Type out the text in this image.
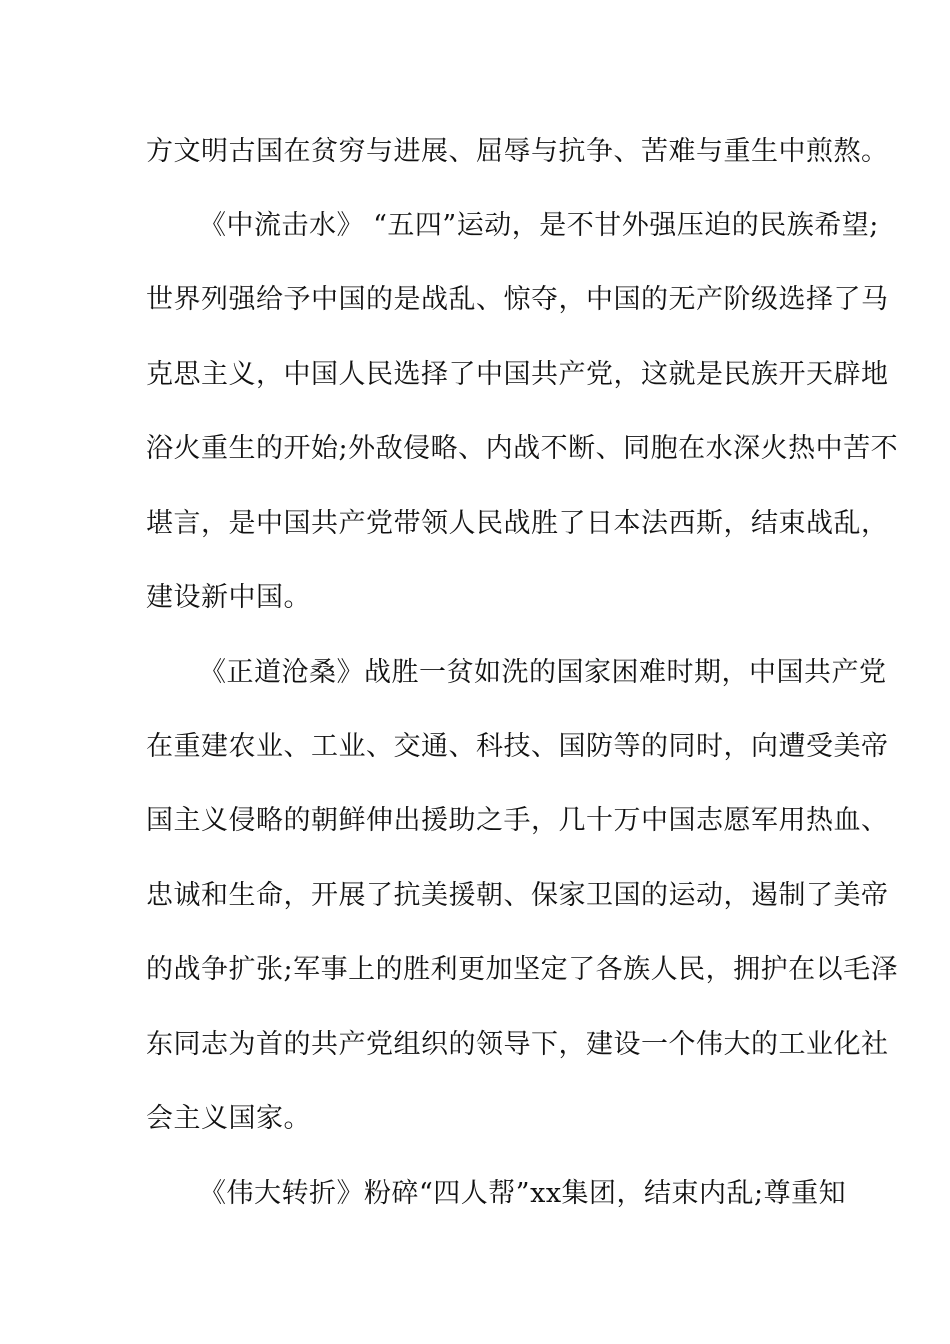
方文明古国在贫穷与进展、屈辱与抗争、苦难与重生中煎熬。
《中流击水》 “五四”运动，是不甘外强压迫的民族希望;
世界列强给予中国的是战乱、惊夺，中国的无产阶级选择了马
克思主义，中国人民选择了中国共产党，这就是民族开天辟地
浴火重生的开始;外敌侵略、内战不断、同胞在水深火热中苦不
堪言，是中国共产党带领人民战胜了日本法西斯，结束战乱，
建设新中国。
《正道沧桑》战胜一贫如洗的国家困难时期，中国共产党
在重建农业、工业、交通、科技、国防等的同时，向遭受美帝
国主义侵略的朝鲜伸出援助之手，几十万中国志愿军用热血、
忠诚和生命，开展了抗美援朝、保家卫国的运动，遏制了美帝
的战争扩张;军事上的胜利更加坚定了各族人民，拥护在以毛泽
东同志为首的共产党组织的领导下，建设一个伟大的工业化社
会主义国家。
《伟大转折》粉碎“四人帮”xx集团，结束内乱;尊重知
